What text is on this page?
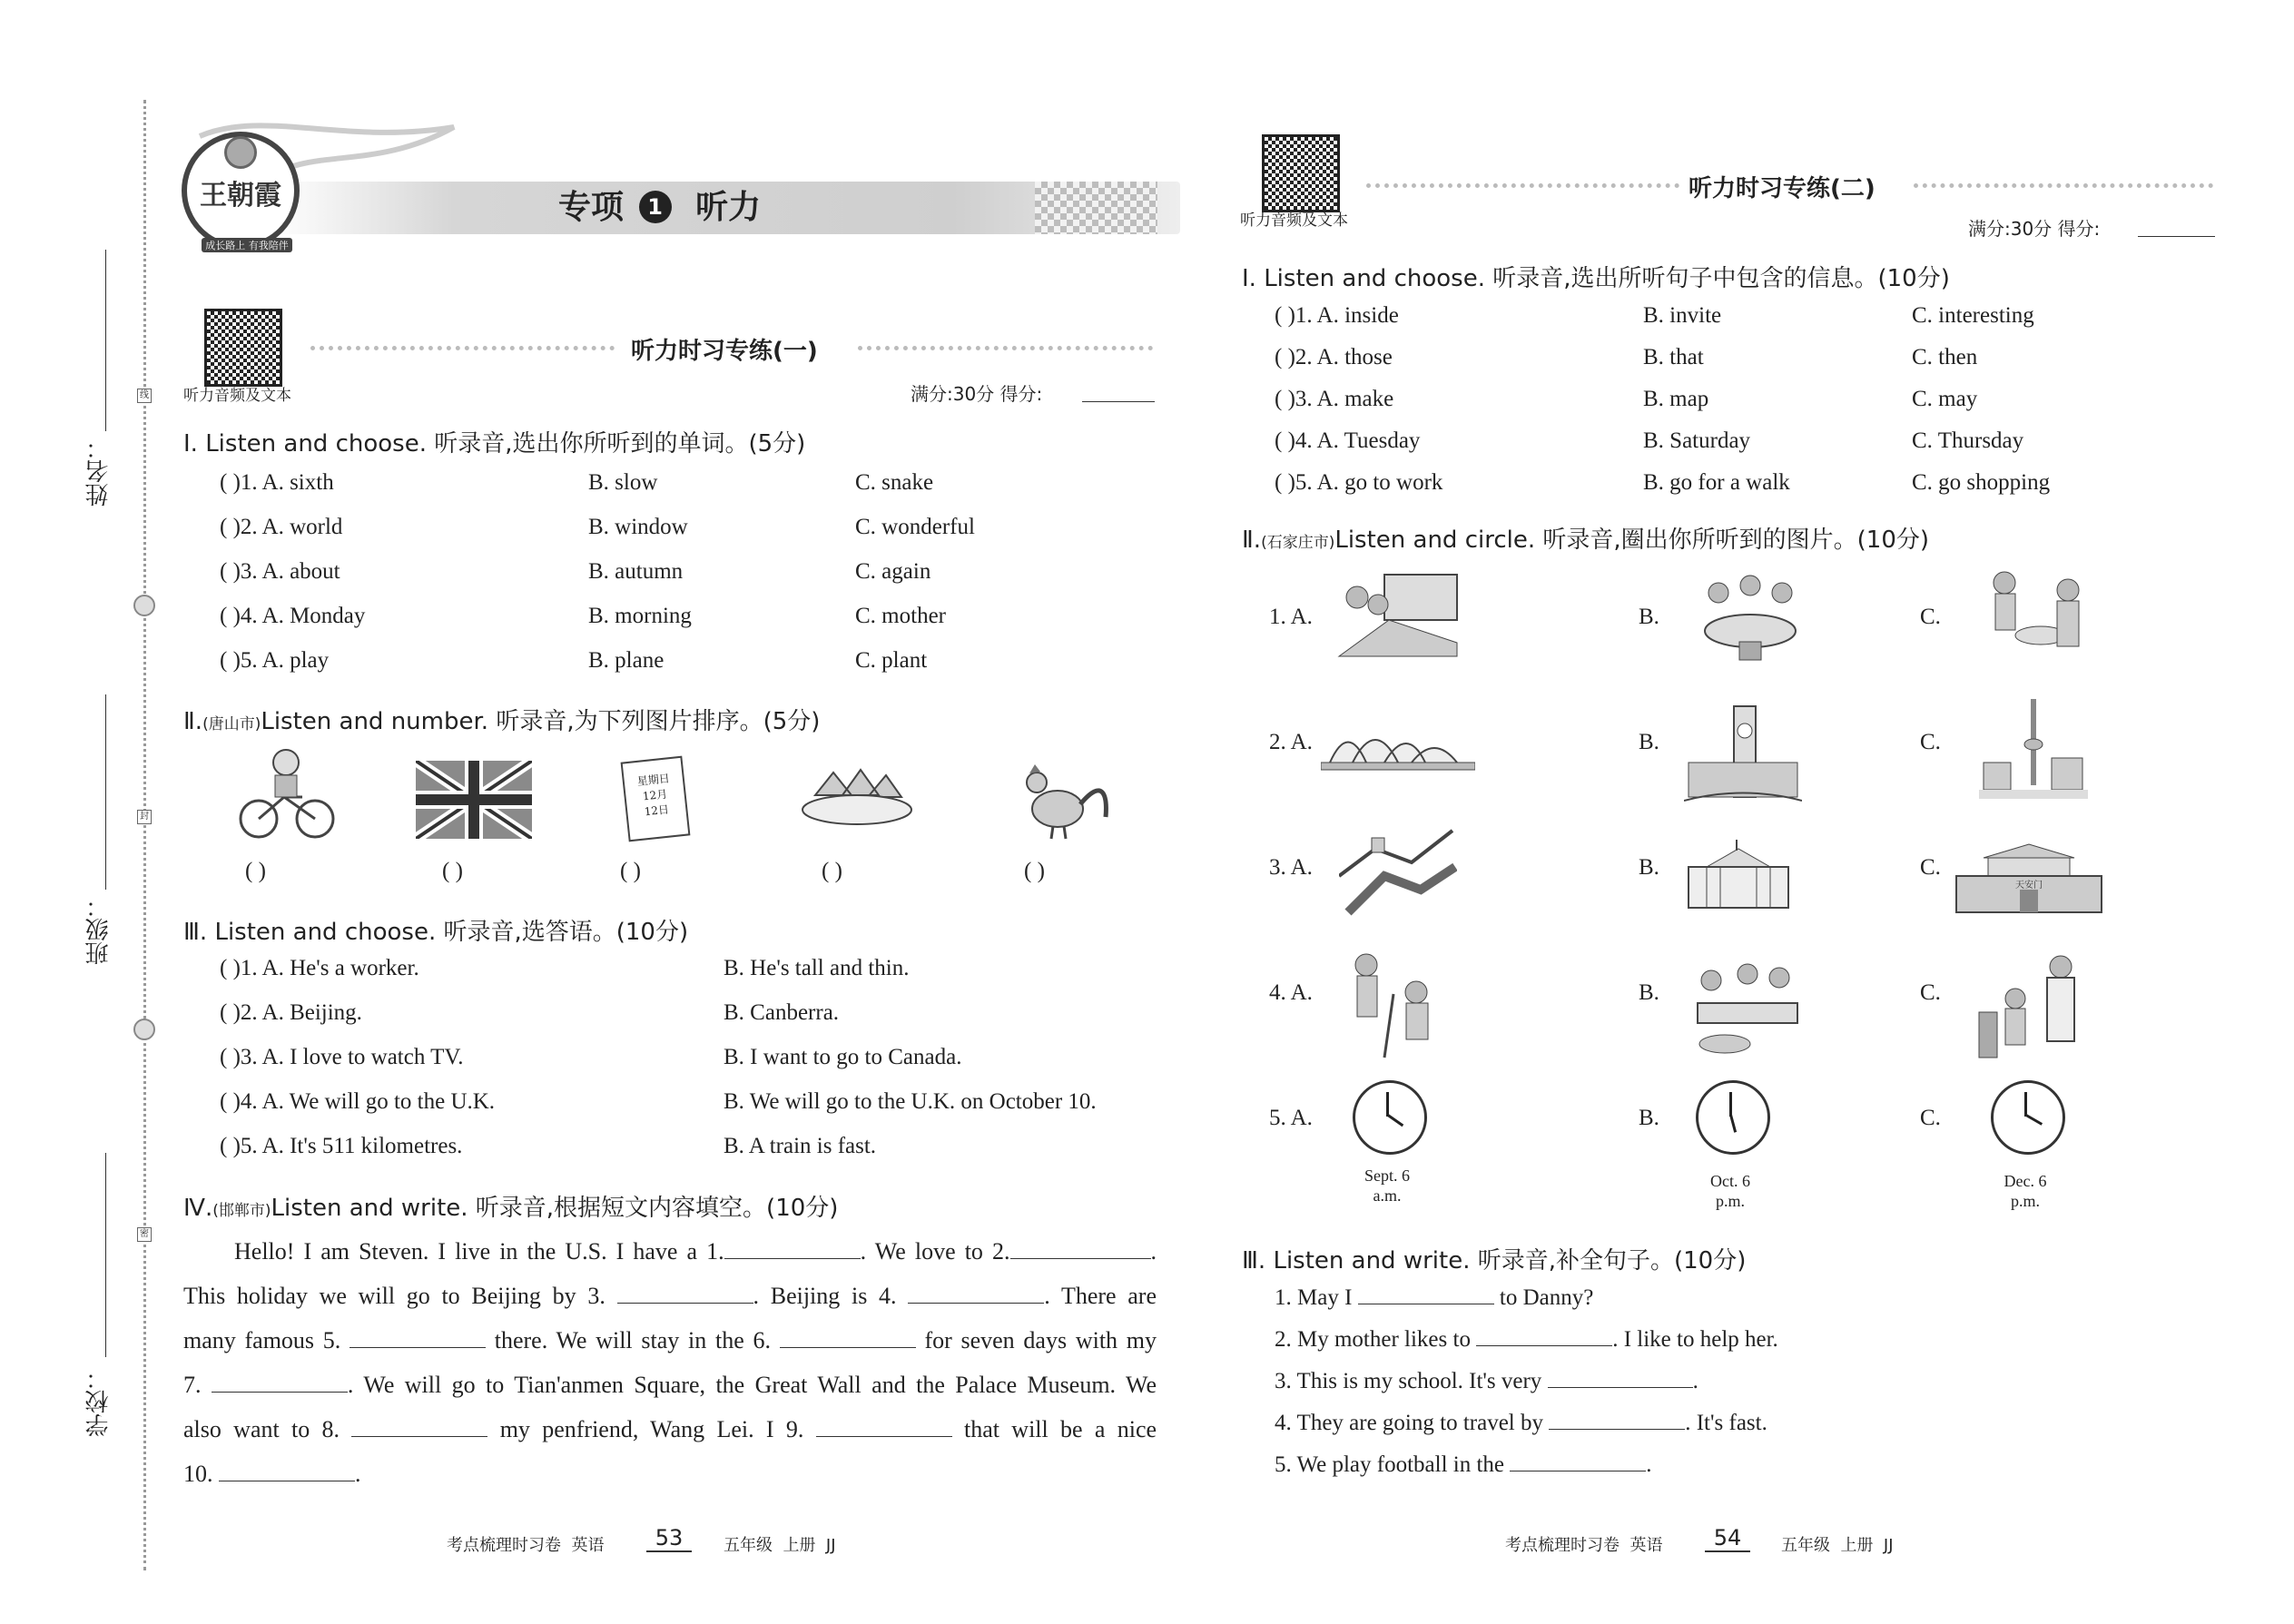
姓名：
班级：
学校：
线
封
密
王朝霞
成长路上 有我陪伴
专项 1 听力
听力音频及文本
听力时习专练(一)
满分:30分 得分:
Ⅰ. Listen and choose. 听录音,选出你所听到的单词。(5分)
( )1. A. sixth	B. slow	C. snake
( )2. A. world	B. window	C. wonderful
( )3. A. about	B. autumn	C. again
( )4. A. Monday	B. morning	C. mother
( )5. A. play	B. plane	C. plant
Ⅱ.(唐山市)Listen and number. 听录音,为下列图片排序。(5分)
星期日
12月
12日
( )	( )	( )	( )	( )
Ⅲ. Listen and choose. 听录音,选答语。(10分)
( )1. A. He's a worker.	B. He's tall and thin.
( )2. A. Beijing.	B. Canberra.
( )3. A. I love to watch TV.	B. I want to go to Canada.
( )4. A. We will go to the U.K.	B. We will go to the U.K. on October 10.
( )5. A. It's 511 kilometres.	B. A train is fast.
Ⅳ.(邯郸市)Listen and write. 听录音,根据短文内容填空。(10分)
Hello! I am Steven. I live in the U.S. I have a 1.	. We love to 2.	.
This holiday we will go to Beijing by 3.	. Beijing is 4.	. There are
many famous 5.	there. We will stay in the 6.	for seven days with my
7.	. We will go to Tian'anmen Square, the Great Wall and the Palace Museum. We
also want to 8.	my penfriend, Wang Lei. I 9.	that will be a nice
10.	.
考点梳理时习卷  英语	53	五年级  上册  JJ
听力音频及文本
听力时习专练(二)
满分:30分 得分:
Ⅰ. Listen and choose. 听录音,选出所听句子中包含的信息。(10分)
( )1. A. inside	B. invite	C. interesting
( )2. A. those	B. that	C. then
( )3. A. make	B. map	C. may
( )4. A. Tuesday	B. Saturday	C. Thursday
( )5. A. go to work	B. go for a walk	C. go shopping
Ⅱ.(石家庄市)Listen and circle. 听录音,圈出你所听到的图片。(10分)
1. A.	B.	C.
2. A.	B.	C.
3. A.	B.	C.
4. A.	B.	C.
5. A.	B.	C.
天安门
Sept. 6
a.m.
Oct. 6
p.m.
Dec. 6
p.m.
Ⅲ. Listen and write. 听录音,补全句子。(10分)
1. May I	to Danny?
2. My mother likes to	. I like to help her.
3. This is my school. It's very	.
4. They are going to travel by	. It's fast.
5. We play football in the	.
考点梳理时习卷  英语	54	五年级  上册  JJ
